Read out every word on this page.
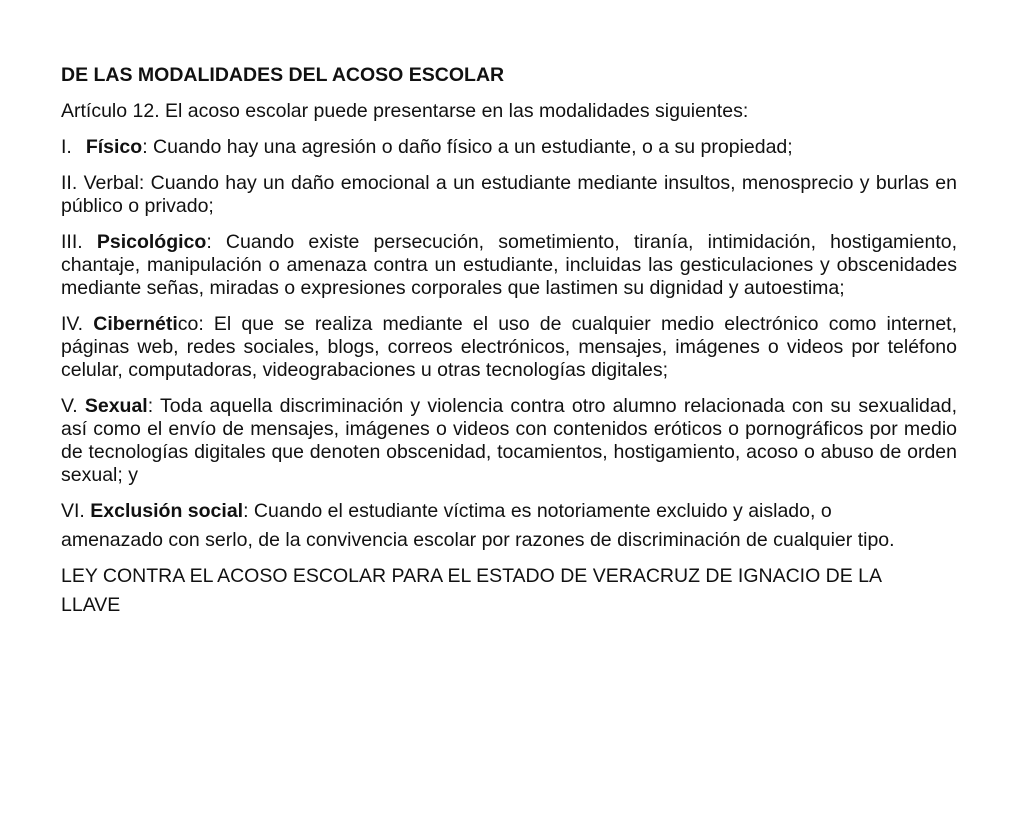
DE LAS MODALIDADES DEL ACOSO ESCOLAR

Artículo 12. El acoso escolar puede presentarse en las modalidades siguientes:

I. Físico: Cuando hay una agresión o daño físico a un estudiante, o a su propiedad;

II. Verbal: Cuando hay un daño emocional a un estudiante mediante insultos, menosprecio y burlas en público o privado;

III. Psicológico: Cuando existe persecución, sometimiento, tiranía, intimidación, hostigamiento, chantaje, manipulación o amenaza contra un estudiante, incluidas las gesticulaciones y obscenidades mediante señas, miradas o expresiones corporales que lastimen su dignidad y autoestima;

IV. Cibernético: El que se realiza mediante el uso de cualquier medio electrónico como internet, páginas web, redes sociales, blogs, correos electrónicos, mensajes, imágenes o videos por teléfono celular, computadoras, videograbaciones u otras tecnologías digitales;

V. Sexual: Toda aquella discriminación y violencia contra otro alumno relacionada con su sexualidad, así como el envío de mensajes, imágenes o videos con contenidos eróticos o pornográficos por medio de tecnologías digitales que denoten obscenidad, tocamientos, hostigamiento, acoso o abuso de orden sexual; y

VI. Exclusión social: Cuando el estudiante víctima es notoriamente excluido y aislado, o

amenazado con serlo, de la convivencia escolar por razones de discriminación de cualquier tipo.

LEY CONTRA EL ACOSO ESCOLAR PARA EL ESTADO DE VERACRUZ DE IGNACIO DE LA

LLAVE
